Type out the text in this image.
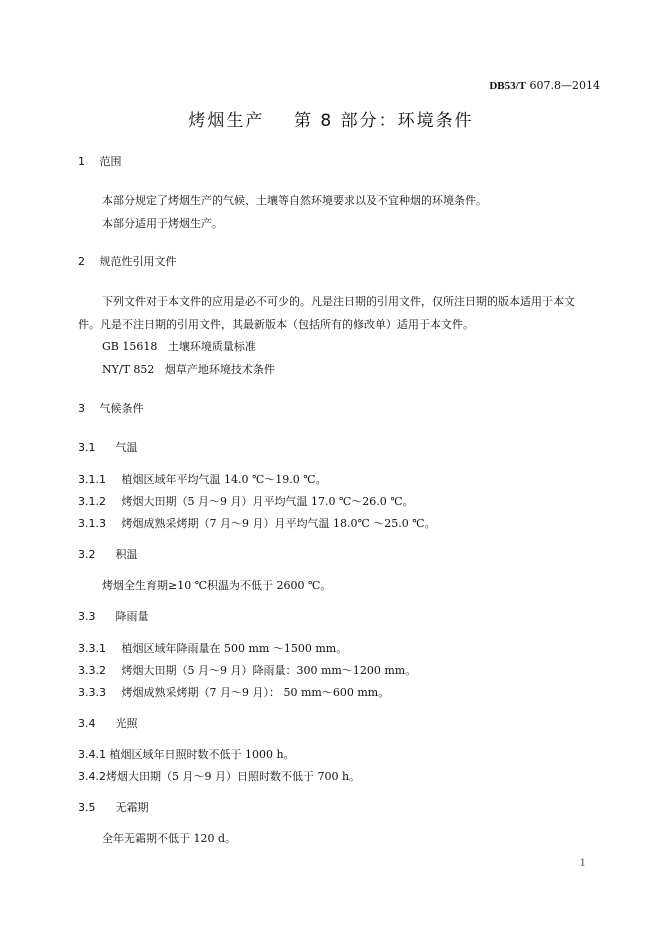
DB53/T 607.8—2014
烤烟生产    第 8 部分：环境条件
1 范围
本部分规定了烤烟生产的气候、土壤等自然环境要求以及不宜种烟的环境条件。
本部分适用于烤烟生产。
2 规范性引用文件
下列文件对于本文件的应用是必不可少的。凡是注日期的引用文件，仅所注日期的版本适用于本文
件。凡是不注日期的引用文件，其最新版本（包括所有的修改单）适用于本文件。
GB 15618   土壤环境质量标准
NY/T 852   烟草产地环境技术条件
3 气候条件
3.1 气温
3.1.1 植烟区域年平均气温 14.0 ℃～19.0 ℃。
3.1.2 烤烟大田期（5 月～9 月）月平均气温 17.0 ℃～26.0 ℃。
3.1.3 烤烟成熟采烤期（7 月～9 月）月平均气温 18.0℃ ～25.0 ℃。
3.2 积温
烤烟全生育期≥10 ℃积温为不低于 2600 ℃。
3.3 降雨量
3.3.1 植烟区域年降雨量在 500 mm ～1500 mm。
3.3.2 烤烟大田期（5 月～9 月）降雨量：300 mm～1200 mm。
3.3.3 烤烟成熟采烤期（7 月～9 月）： 50 mm～600 mm。
3.4 光照
3.4.1 植烟区域年日照时数不低于 1000 h。
3.4.2烤烟大田期（5 月～9 月）日照时数不低于 700 h。
3.5 无霜期
全年无霜期不低于 120 d。
1
